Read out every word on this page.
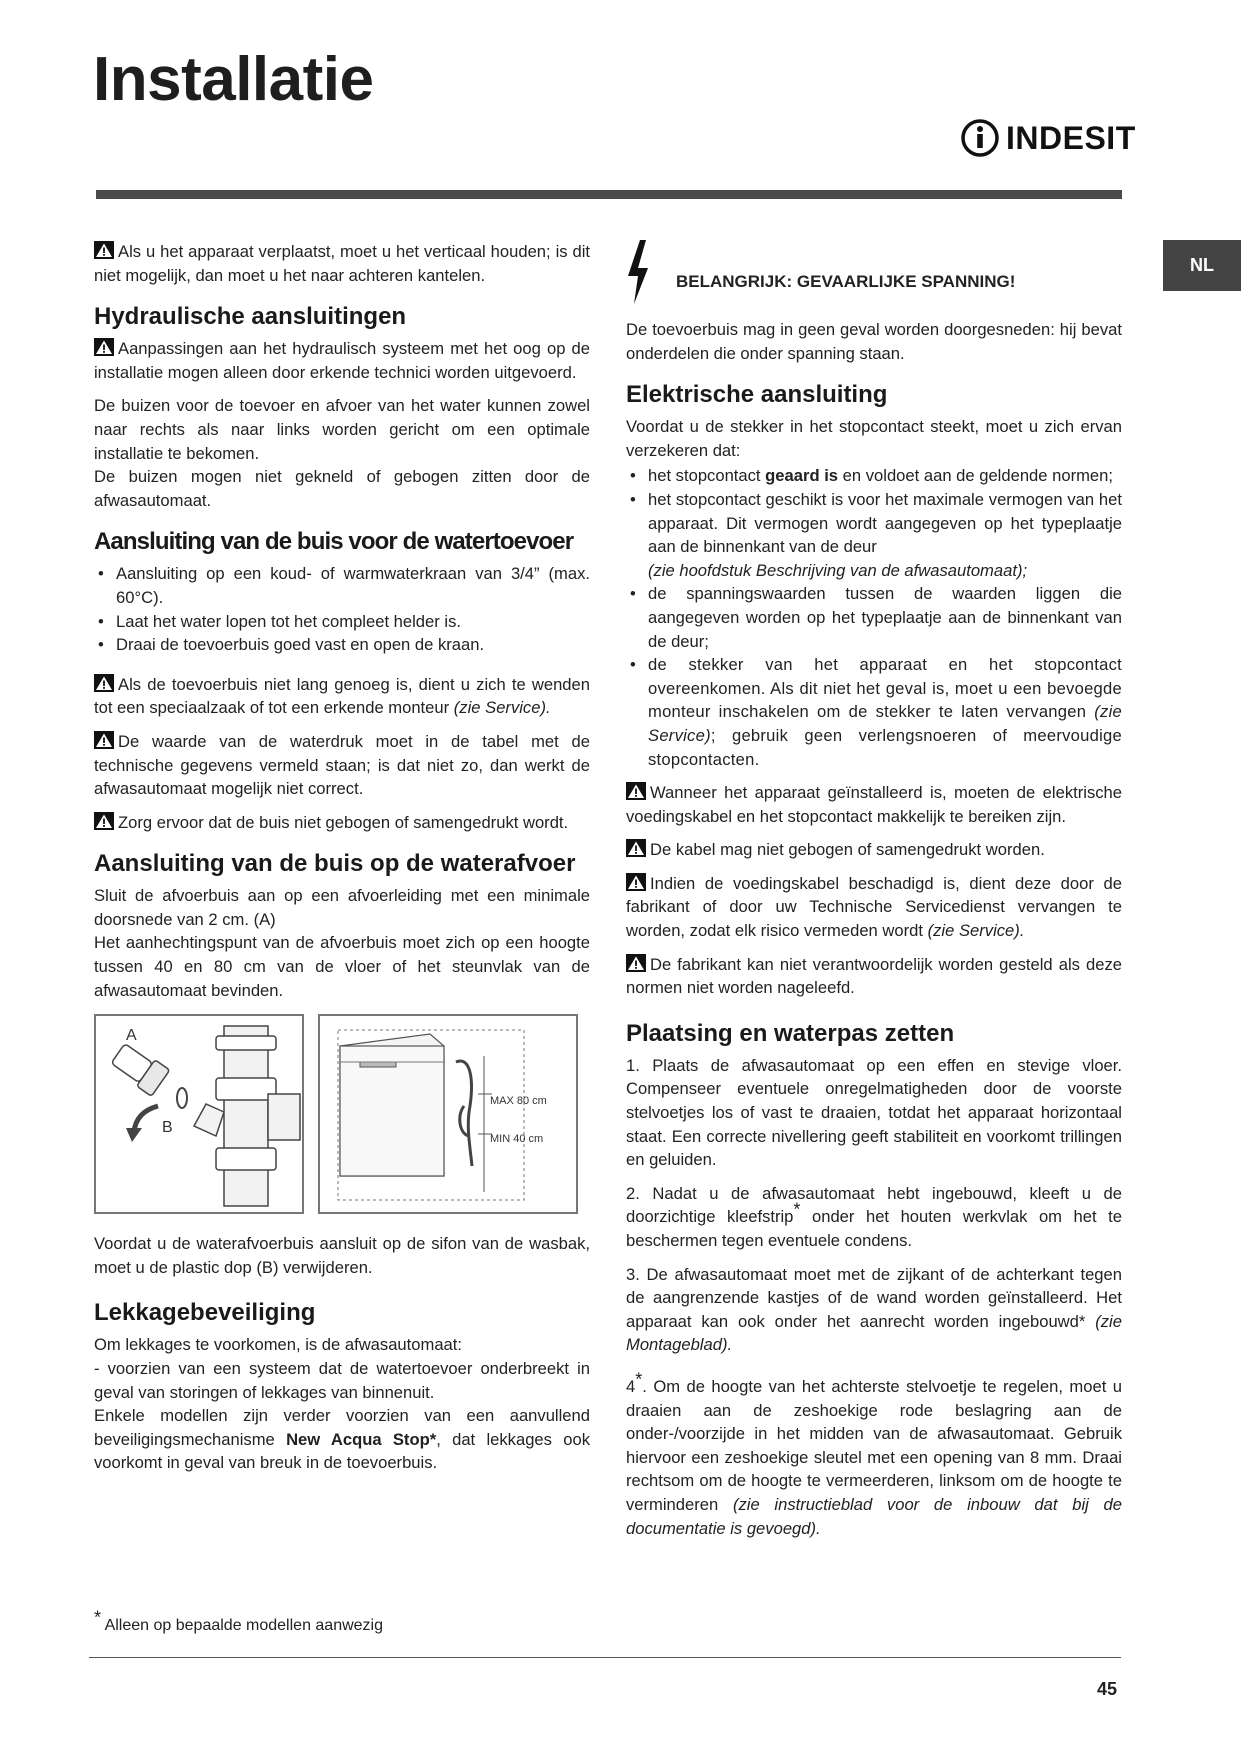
Installatie
INDESIT
NL

Als u het apparaat verplaatst, moet u het verticaal houden; is dit niet mogelijk, dan moet u het naar achteren kantelen.

Hydraulische aansluitingen

Aanpassingen aan het hydraulisch systeem met het oog op de installatie mogen alleen door erkende technici worden uitgevoerd.

De buizen voor de toevoer en afvoer van het water kunnen zowel naar rechts als naar links worden gericht om een optimale installatie te bekomen.

De buizen mogen niet gekneld of gebogen zitten door de afwasautomaat.

Aansluiting van de buis voor de watertoevoer
• Aansluiting op een koud- of warmwaterkraan van 3/4” (max. 60°C).
• Laat het water lopen tot het compleet helder is.
• Draai de toevoerbuis goed vast en open de kraan.

Als de toevoerbuis niet lang genoeg is, dient u zich te wenden tot een speciaalzaak of tot een erkende monteur (zie Service).

De waarde van de waterdruk moet in de tabel met de technische gegevens vermeld staan; is dat niet zo, dan werkt de afwasautomaat mogelijk niet correct.

Zorg ervoor dat de buis niet gebogen of samengedrukt wordt.

Aansluiting van de buis op de waterafvoer

Sluit de afvoerbuis aan op een afvoerleiding met een minimale doorsnede van 2 cm. (A)

Het aanhechtingspunt van de afvoerbuis moet zich op een hoogte tussen 40 en 80 cm van de vloer of het steunvlak van de afwasautomaat bevinden.

A
B
MAX 80 cm
MIN 40 cm

Voordat u de waterafvoerbuis aansluit op de sifon van de wasbak, moet u de plastic dop (B) verwijderen.

Lekkagebeveiliging

Om lekkages te voorkomen, is de afwasautomaat:

- voorzien van een systeem dat de watertoevoer onderbreekt in geval van storingen of lekkages van binnenuit.

Enkele modellen zijn verder voorzien van een aanvullend beveiligingsmechanisme New Acqua Stop*, dat lekkages ook voorkomt in geval van breuk in de toevoerbuis.

BELANGRIJK: GEVAARLIJKE SPANNING!

De toevoerbuis mag in geen geval worden doorgesneden: hij bevat onderdelen die onder spanning staan.

Elektrische aansluiting

Voordat u de stekker in het stopcontact steekt, moet u zich ervan verzekeren dat:

• het stopcontact geaard is en voldoet aan de geldende normen;
• het stopcontact geschikt is voor het maximale vermogen van het apparaat. Dit vermogen wordt aangegeven op het typeplaatje aan de binnenkant van de deur
(zie hoofdstuk Beschrijving van de afwasautomaat);
• de spanningswaarden tussen de waarden liggen die aangegeven worden op het typeplaatje aan de binnenkant van de deur;
• de stekker van het apparaat en het stopcontact overeenkomen. Als dit niet het geval is, moet u een bevoegde monteur inschakelen om de stekker te laten vervangen (zie Service); gebruik geen verlengsnoeren of meervoudige stopcontacten.

Wanneer het apparaat geïnstalleerd is, moeten de elektrische voedingskabel en het stopcontact makkelijk te bereiken zijn.

De kabel mag niet gebogen of samengedrukt worden.

Indien de voedingskabel beschadigd is, dient deze door de fabrikant of door uw Technische Servicedienst vervangen te worden, zodat elk risico vermeden wordt (zie Service).

De fabrikant kan niet verantwoordelijk worden gesteld als deze normen niet worden nageleefd.

Plaatsing en waterpas zetten

1. Plaats de afwasautomaat op een effen en stevige vloer. Compenseer eventuele onregelmatigheden door de voorste stelvoetjes los of vast te draaien, totdat het apparaat horizontaal staat. Een correcte nivellering geeft stabiliteit en voorkomt trillingen en geluiden.

2. Nadat u de afwasautomaat hebt ingebouwd, kleeft u de doorzichtige kleefstrip* onder het houten werkvlak om het te beschermen tegen eventuele condens.

3. De afwasautomaat moet met de zijkant of de achterkant tegen de aangrenzende kastjes of de wand worden geïnstalleerd. Het apparaat kan ook onder het aanrecht worden ingebouwd* (zie Montageblad).

4*. Om de hoogte van het achterste stelvoetje te regelen, moet u draaien aan de zeshoekige rode beslagring aan de onder-/voorzijde in het midden van de afwasautomaat. Gebruik hiervoor een zeshoekige sleutel met een opening van 8 mm. Draai rechtsom om de hoogte te vermeerderen, linksom om de hoogte te verminderen (zie instructieblad voor de inbouw dat bij de documentatie is gevoegd).

* Alleen op bepaalde modellen aanwezig
45
